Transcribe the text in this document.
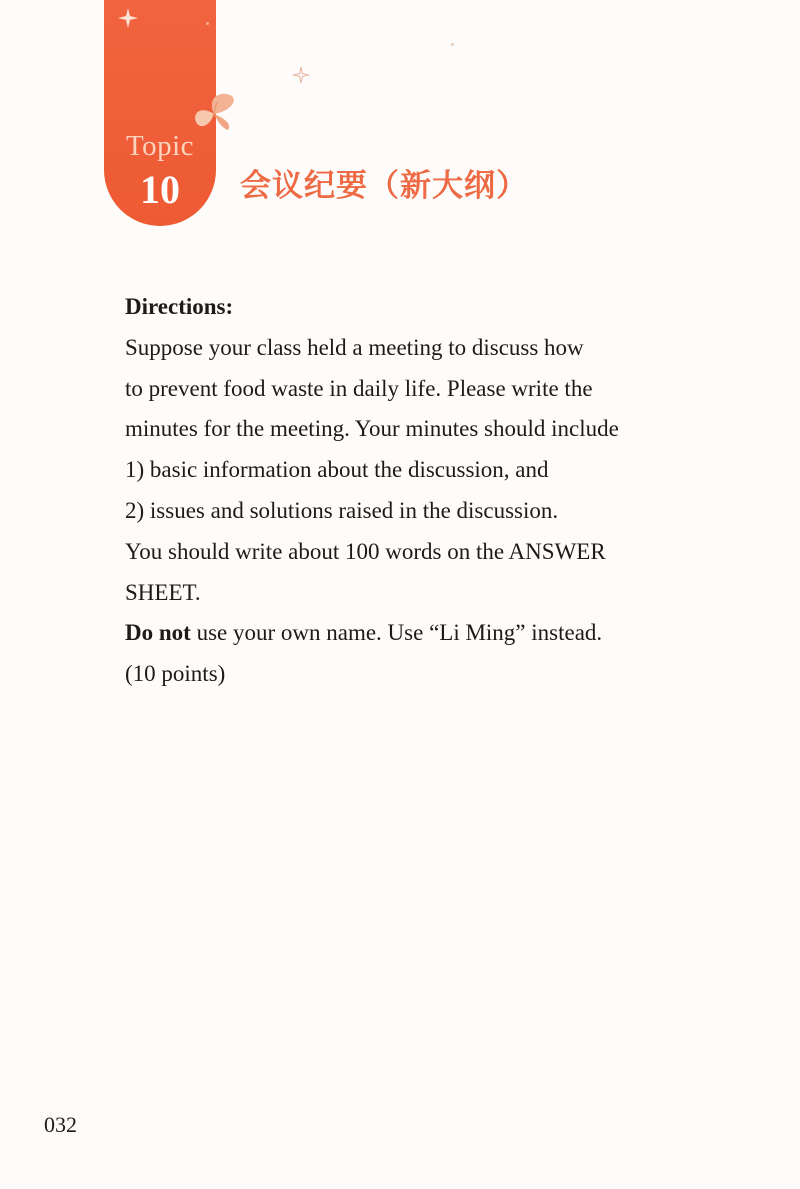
Topic
10	会议纪要（新大纲）

Directions:

Suppose your class held a meeting to discuss how

to prevent food waste in daily life. Please write the

minutes for the meeting. Your minutes should include

1) basic information about the discussion, and

2) issues and solutions raised in the discussion.

You should write about 100 words on the ANSWER

SHEET.

Do not use your own name. Use “Li Ming” instead.

(10 points)

032
